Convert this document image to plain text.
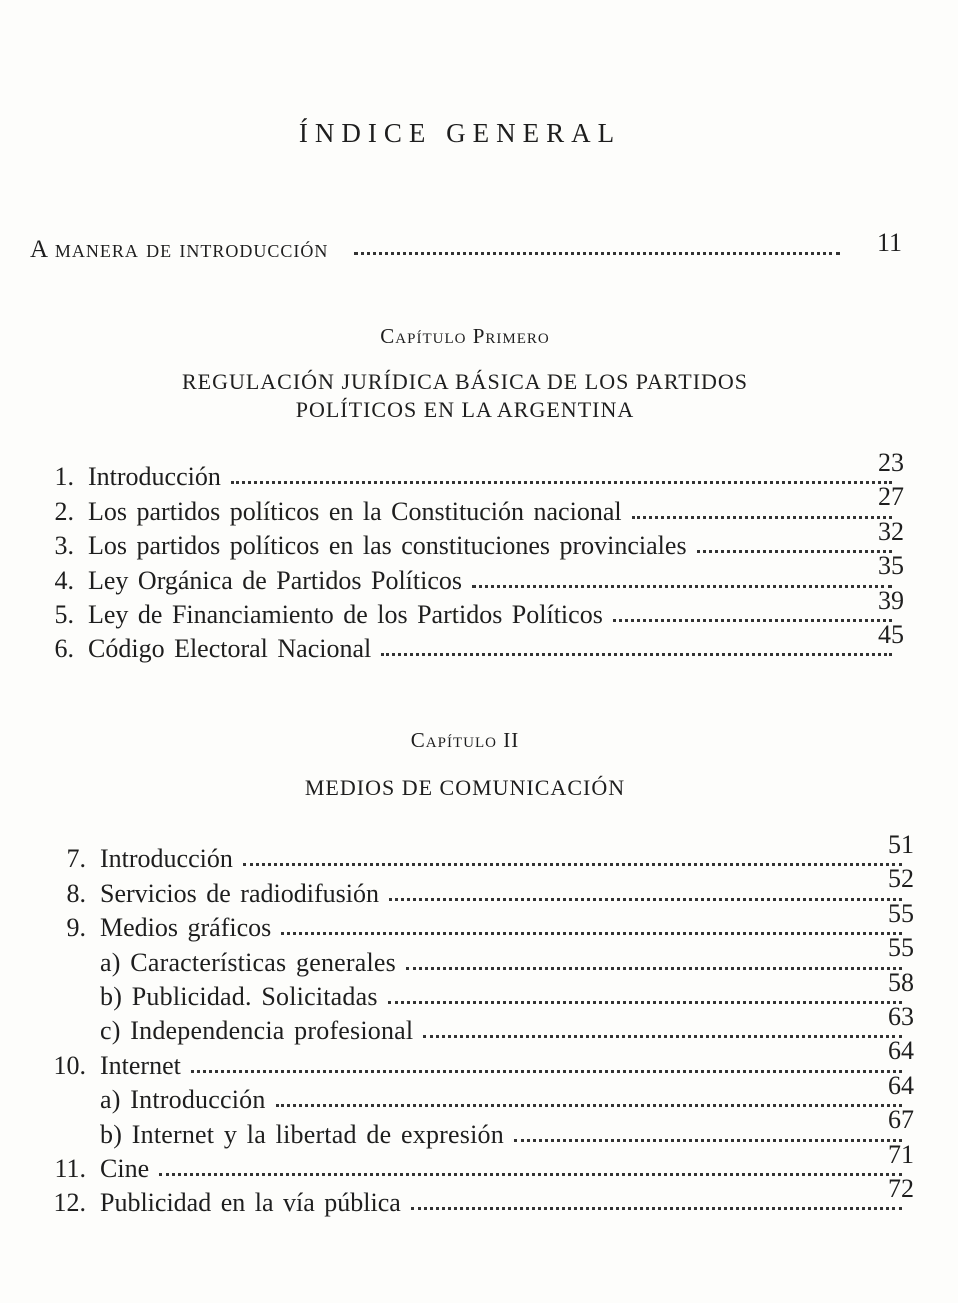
ÍNDICE GENERAL
A manera de introducción	11
Capítulo Primero
REGULACIÓN JURÍDICA BÁSICA DE LOS PARTIDOS
POLÍTICOS EN LA ARGENTINA
1. Introducción	23
2. Los partidos políticos en la Constitución nacional	27
3. Los partidos políticos en las constituciones provinciales	32
4. Ley Orgánica de Partidos Políticos	35
5. Ley de Financiamiento de los Partidos Políticos	39
6. Código Electoral Nacional	45
Capítulo II
MEDIOS DE COMUNICACIÓN
7. Introducción	51
8. Servicios de radiodifusión	52
9. Medios gráficos	55
a) Características generales	55
b) Publicidad. Solicitadas	58
c) Independencia profesional	63
10. Internet	64
a) Introducción	64
b) Internet y la libertad de expresión	67
11. Cine	71
12. Publicidad en la vía pública	72
